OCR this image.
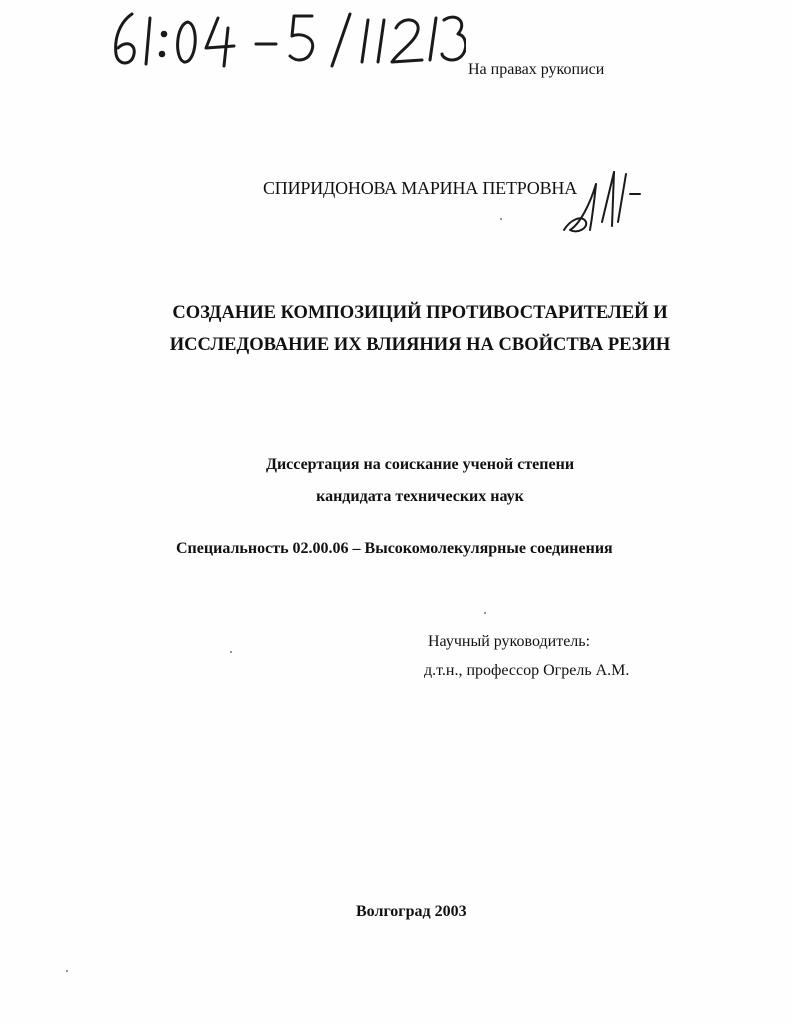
На правах рукописи
СПИРИДОНОВА МАРИНА ПЕТРОВНА
СОЗДАНИЕ КОМПОЗИЦИЙ ПРОТИВОСТАРИТЕЛЕЙ И
ИССЛЕДОВАНИЕ ИХ ВЛИЯНИЯ НА СВОЙСТВА РЕЗИН
Диссертация на соискание ученой степени
кандидата технических наук
Специальность 02.00.06 – Высокомолекулярные соединения
Научный руководитель:
д.т.н., профессор Огрель А.М.
Волгоград 2003
